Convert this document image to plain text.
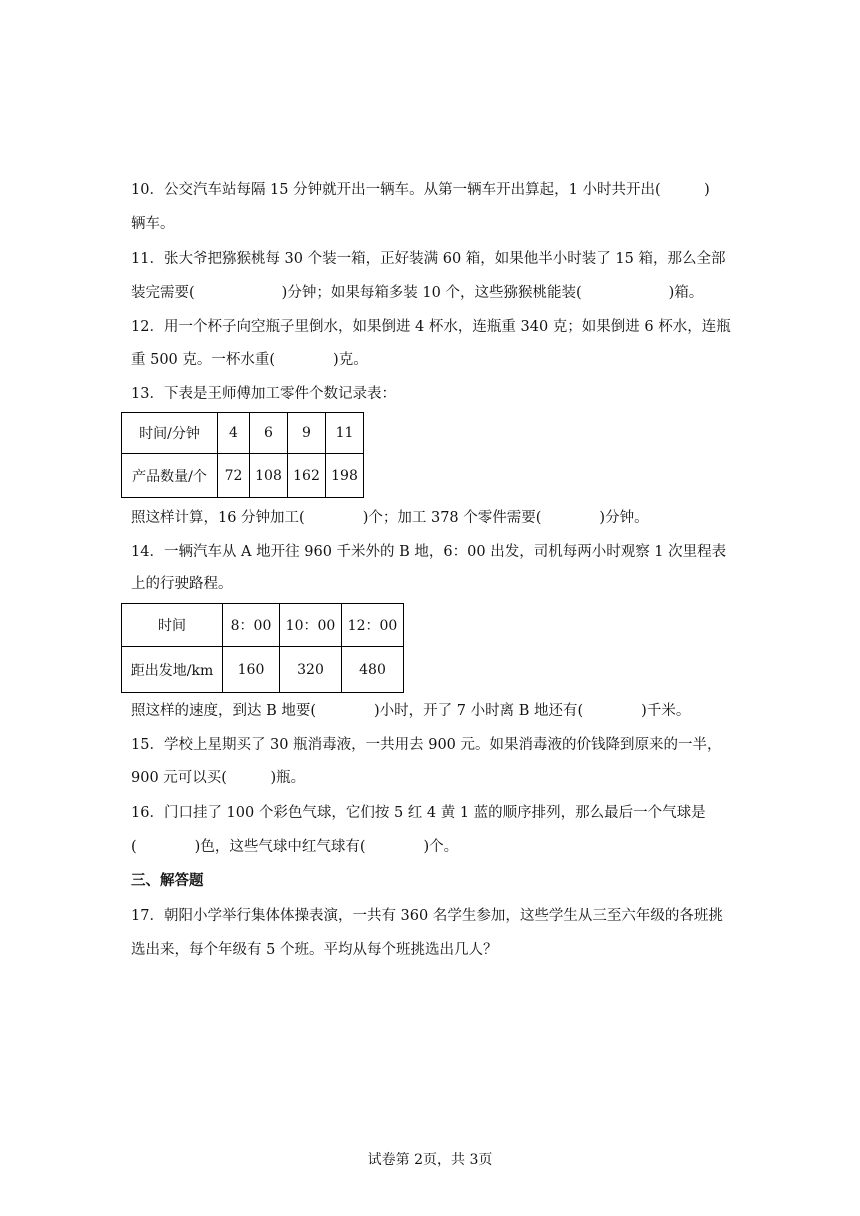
10．公交汽车站每隔 15 分钟就开出一辆车。从第一辆车开出算起，1 小时共开出(　　　)
辆车。
11．张大爷把猕猴桃每 30 个装一箱，正好装满 60 箱，如果他半小时装了 15 箱，那么全部
装完需要(　　　　　　)分钟；如果每箱多装 10 个，这些猕猴桃能装(　　　　　　)箱。
12．用一个杯子向空瓶子里倒水，如果倒进 4 杯水，连瓶重 340 克；如果倒进 6 杯水，连瓶
重 500 克。一杯水重(　　　　)克。
13．下表是王师傅加工零件个数记录表：
时间/分钟	4	6	9	11
产品数量/个	72	108	162	198
照这样计算，16 分钟加工(　　　　)个；加工 378 个零件需要(　　　　)分钟。
14．一辆汽车从 A 地开往 960 千米外的 B 地，6：00 出发，司机每两小时观察 1 次里程表
上的行驶路程。
时间	8：00	10：00	12：00
距出发地/km	160	320	480
照这样的速度，到达 B 地要(　　　　)小时，开了 7 小时离 B 地还有(　　　　)千米。
15．学校上星期买了 30 瓶消毒液，一共用去 900 元。如果消毒液的价钱降到原来的一半，
900 元可以买(　　　)瓶。
16．门口挂了 100 个彩色气球，它们按 5 红 4 黄 1 蓝的顺序排列，那么最后一个气球是
(　　　　)色，这些气球中红气球有(　　　　)个。
三、解答题
17．朝阳小学举行集体体操表演，一共有 360 名学生参加，这些学生从三至六年级的各班挑
选出来，每个年级有 5 个班。平均从每个班挑选出几人？
试卷第 2页，共 3页
